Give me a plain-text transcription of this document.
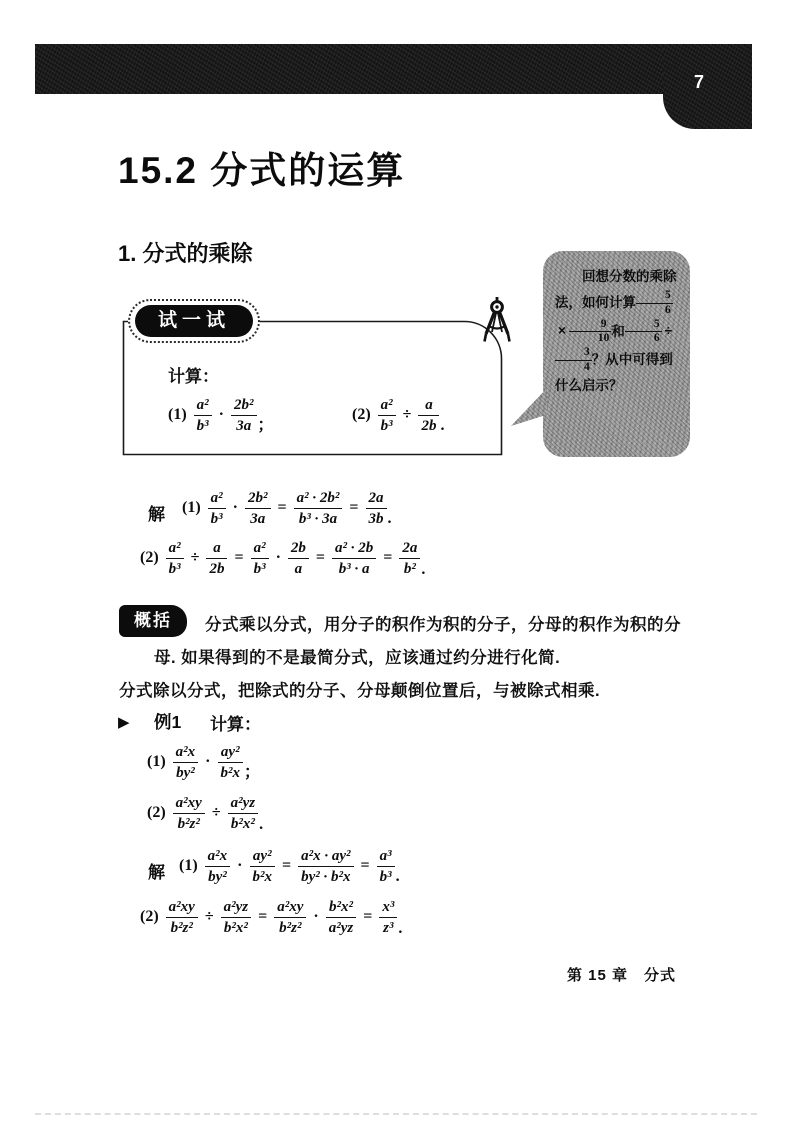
7
15.2 分式的运算
1. 分式的乘除
试一试
计算：
$(1) \frac{\text{a²}}{\text{b³}} \cdot \frac{\text{2b²}}{3a}$ ；
$(2) \frac{\text{a²}}{\text{b³}} \div \frac{a}{2b}$ .
回想分数的乘除法，如何计算 $\frac{5}{6}$
× $\frac{9}{10}$ 和 $\frac{5}{6}$ ÷
$\frac{3}{4}$ ？从中可得到什么启示？
解 $(1) \frac{\text{a²}}{\text{b³}} \cdot \frac{\text{2b²}}{3a} = \frac{\text{a² · 2b²}}{\text{b³ · 3a}} = \frac{2a}{3b}$ .
$(2) \frac{\text{a²}}{\text{b³}} \div \frac{a}{2b} = \frac{\text{a²}}{\text{b³}} \cdot \frac{2b}{a} = \frac{\text{a² · 2b}}{\text{b³ · a}} = \frac{2a}{\text{b²}}$ .
概括	分式乘以分式，用分子的积作为积的分子，分母的积作为积的分
母. 如果得到的不是最简分式，应该通过约分进行化简.
分式除以分式，把除式的分子、分母颠倒位置后，与被除式相乘.
▶ 例1 计算：
$(1) \frac{\text{a²x}}{\text{by²}} \cdot \frac{\text{ay²}}{\text{b²x}}$ ；
$(2) \frac{\text{a²xy}}{\text{b²z²}} \div \frac{\text{a²yz}}{\text{b²x²}}$ .
解 $(1) \frac{\text{a²x}}{\text{by²}} \cdot \frac{\text{ay²}}{\text{b²x}} = \frac{\text{a²x · ay²}}{\text{by² · b²x}} = \frac{\text{a³}}{\text{b³}}$ .
$(2) \frac{\text{a²xy}}{\text{b²z²}} \div \frac{\text{a²yz}}{\text{b²x²}} = \frac{\text{a²xy}}{\text{b²z²}} \cdot \frac{\text{b²x²}}{\text{a²yz}} = \frac{\text{x³}}{\text{z³}}$ .
第 15 章　分式
